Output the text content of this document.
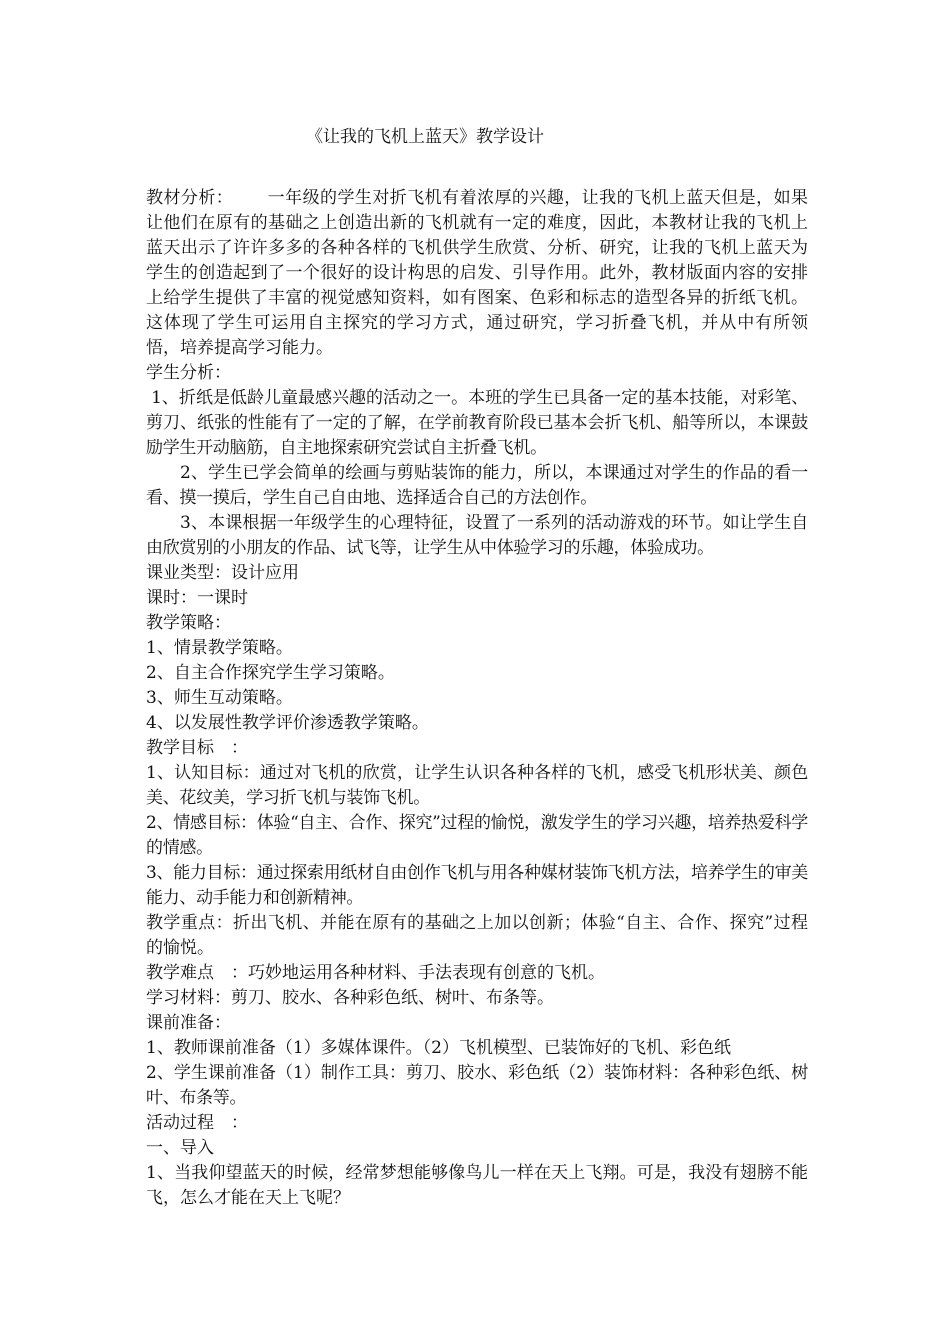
《让我的飞机上蓝天》教学设计

教材分析： 一年级的学生对折飞机有着浓厚的兴趣，让我的飞机上蓝天但是，如果让他们在原有的基础之上创造出新的飞机就有一定的难度，因此，本教材让我的飞机上蓝天出示了许许多多的各种各样的飞机供学生欣赏、分析、研究，让我的飞机上蓝天为学生的创造起到了一个很好的设计构思的启发、引导作用。此外，教材版面内容的安排上给学生提供了丰富的视觉感知资料，如有图案、色彩和标志的造型各异的折纸飞机。这体现了学生可运用自主探究的学习方式，通过研究，学习折叠飞机，并从中有所领悟，培养提高学习能力。

学生分析：

1、折纸是低龄儿童最感兴趣的活动之一。本班的学生已具备一定的基本技能，对彩笔、剪刀、纸张的性能有了一定的了解，在学前教育阶段已基本会折飞机、船等所以，本课鼓励学生开动脑筋，自主地探索研究尝试自主折叠飞机。

2、学生已学会简单的绘画与剪贴装饰的能力，所以，本课通过对学生的作品的看一看、摸一摸后，学生自己自由地、选择适合自己的方法创作。

3、本课根据一年级学生的心理特征，设置了一系列的活动游戏的环节。如让学生自由欣赏别的小朋友的作品、试飞等，让学生从中体验学习的乐趣，体验成功。

课业类型：设计应用

课时：一课时

教学策略：

1、情景教学策略。

2、自主合作探究学生学习策略。

3、师生互动策略。

4、以发展性教学评价渗透教学策略。

教学目标　：

1、认知目标：通过对飞机的欣赏，让学生认识各种各样的飞机，感受飞机形状美、颜色美、花纹美，学习折飞机与装饰飞机。

2、情感目标：体验“自主、合作、探究”过程的愉悦，激发学生的学习兴趣，培养热爱科学的情感。

3、能力目标：通过探索用纸材自由创作飞机与用各种媒材装饰飞机方法，培养学生的审美能力、动手能力和创新精神。

教学重点：折出飞机、并能在原有的基础之上加以创新；体验“自主、合作、探究”过程的愉悦。

教学难点　：巧妙地运用各种材料、手法表现有创意的飞机。

学习材料：剪刀、胶水、各种彩色纸、树叶、布条等。

课前准备：

1、教师课前准备（1）多媒体课件。（2）飞机模型、已装饰好的飞机、彩色纸

2、学生课前准备（1）制作工具：剪刀、胶水、彩色纸（2）装饰材料：各种彩色纸、树叶、布条等。

活动过程　：

一、导入

1、当我仰望蓝天的时候，经常梦想能够像鸟儿一样在天上飞翔。可是，我没有翅膀不能飞，怎么才能在天上飞呢？
